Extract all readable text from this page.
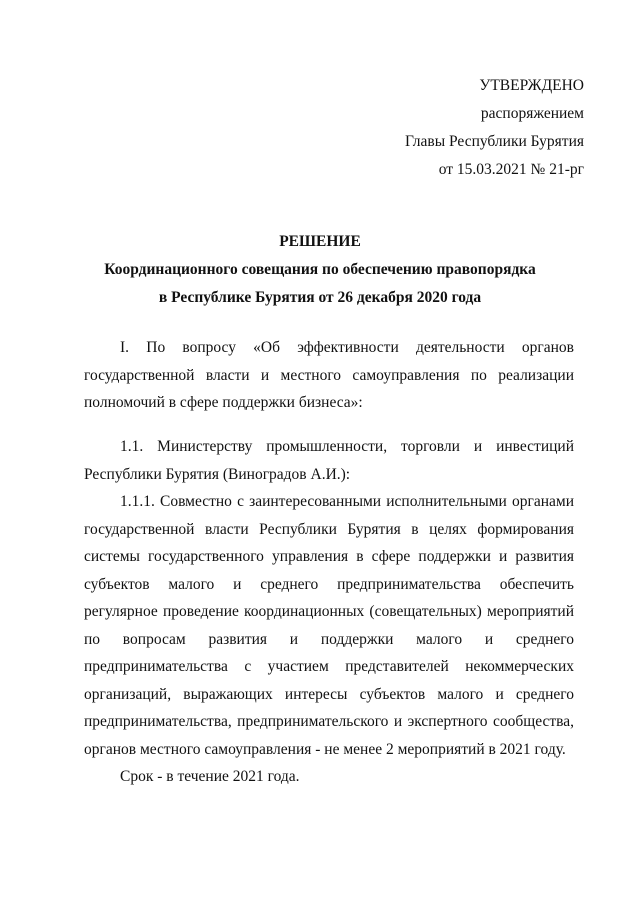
УТВЕРЖДЕНО
распоряжением
Главы Республики Бурятия
от 15.03.2021 № 21-рг
РЕШЕНИЕ
Координационного совещания по обеспечению правопорядка
в Республике Бурятия от 26 декабря 2020 года

I. По вопросу «Об эффективности деятельности органов государственной власти и местного самоуправления по реализации полномочий в сфере поддержки бизнеса»:

1.1. Министерству промышленности, торговли и инвестиций Республики Бурятия (Виноградов А.И.):

1.1.1. Совместно с заинтересованными исполнительными органами государственной власти Республики Бурятия в целях формирования системы государственного управления в сфере поддержки и развития субъектов малого и среднего предпринимательства обеспечить регулярное проведение координационных (совещательных) мероприятий по вопросам развития и поддержки малого и среднего предпринимательства с участием представителей некоммерческих организаций, выражающих интересы субъектов малого и среднего предпринимательства, предпринимательского и экспертного сообщества, органов местного самоуправления - не менее 2 мероприятий в 2021 году.

Срок - в течение 2021 года.
